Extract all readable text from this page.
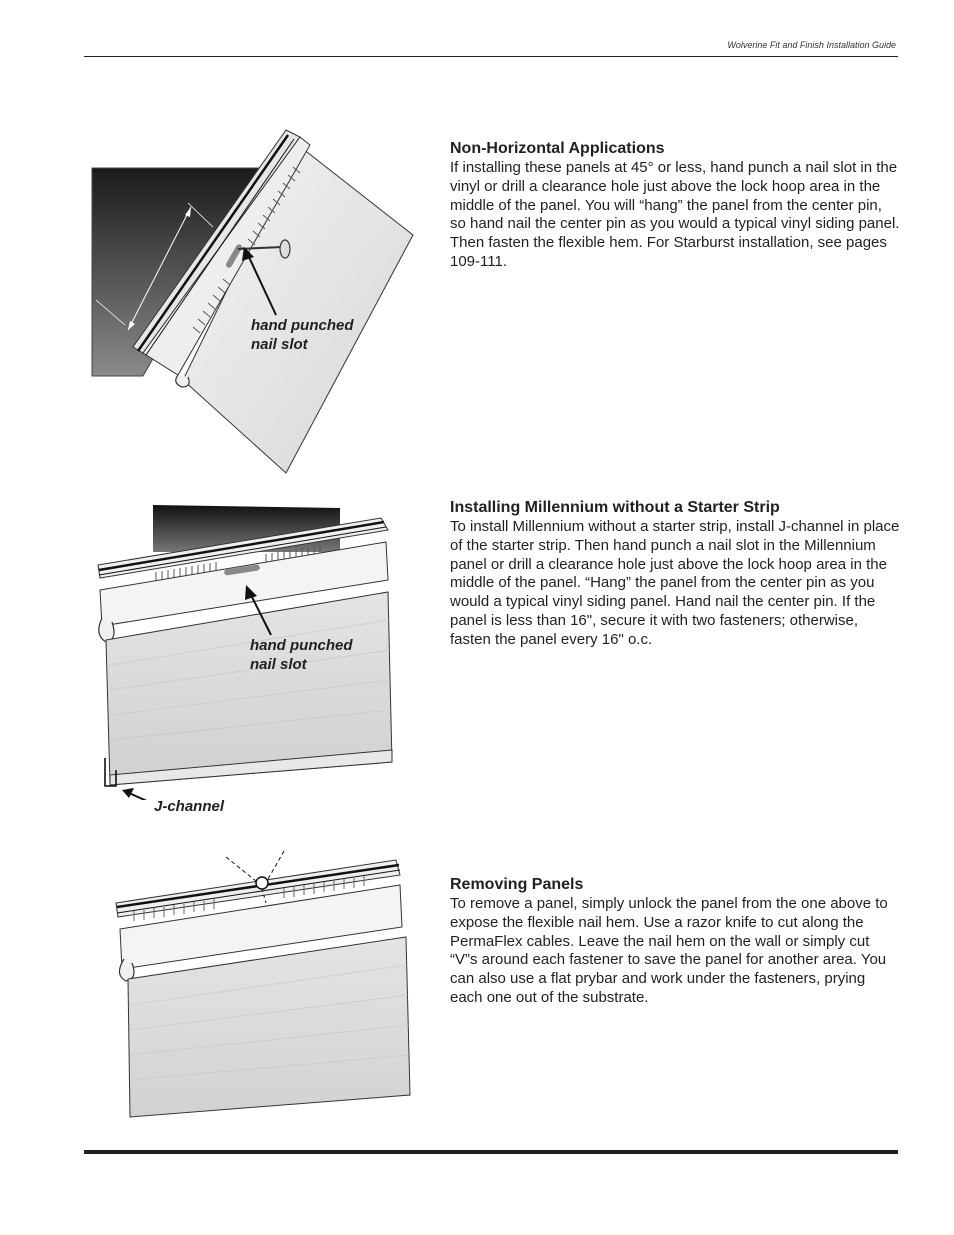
Wolverine Fit and Finish Installation Guide
Non-Horizontal Applications

If installing these panels at 45° or less, hand punch a nail slot in the vinyl or drill a clearance hole just above the lock hoop area in the middle of the panel. You will “hang” the panel from the center pin, so hand nail the center pin as you would a typical vinyl siding panel. Then fasten the flexible hem. For Starburst installation, see pages 109-111.

Installing Millennium without a Starter Strip

To install Millennium without a starter strip, install J-channel in place of the starter strip. Then hand punch a nail slot in the Millennium panel or drill a clearance hole just above the lock hoop area in the middle of the panel. “Hang” the panel from the center pin as you would a typical vinyl siding panel. Hand nail the center pin. If the panel is less than 16", secure it with two fasteners; otherwise, fasten the panel every 16" o.c.

Removing Panels

To remove a panel, simply unlock the panel from the one above to expose the flexible nail hem. Use a razor knife to cut along the PermaFlex cables. Leave the nail hem on the wall or simply cut “V”s around each fastener to save the panel for another area. You can also use a flat prybar and work under the fasteners, prying each one out of the substrate.

hand punched
nail slot
hand punched
nail slot
J-channel
